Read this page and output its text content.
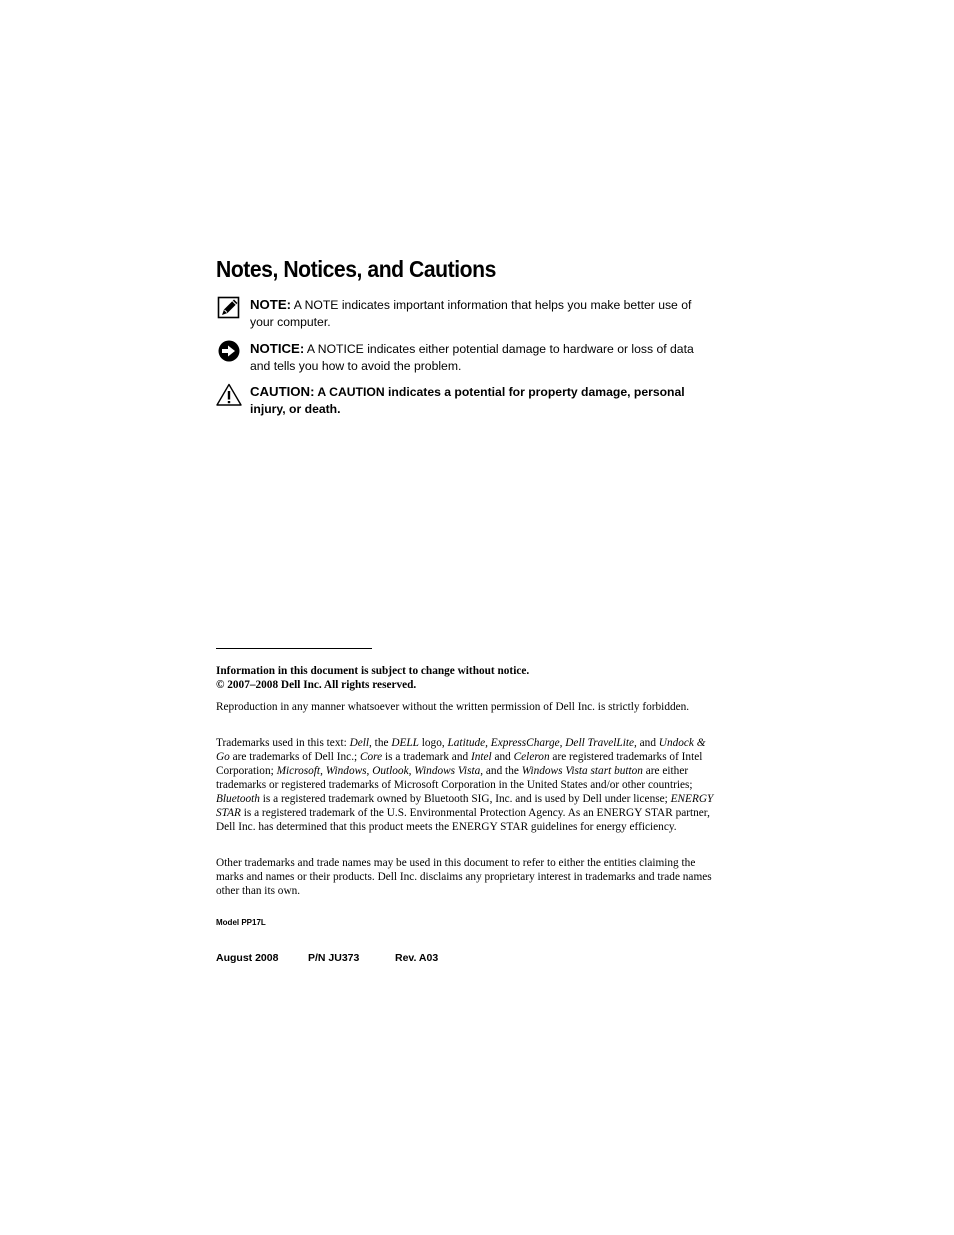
Notes, Notices, and Cautions
NOTE: A NOTE indicates important information that helps you make better use of your computer.
NOTICE: A NOTICE indicates either potential damage to hardware or loss of data and tells you how to avoid the problem.
CAUTION: A CAUTION indicates a potential for property damage, personal injury, or death.

Information in this document is subject to change without notice.

© 2007–2008 Dell Inc. All rights reserved.

Reproduction in any manner whatsoever without the written permission of Dell Inc. is strictly forbidden.

Trademarks used in this text: Dell, the DELL logo, Latitude, ExpressCharge, Dell TravelLite, and Undock & Go are trademarks of Dell Inc.; Core is a trademark and Intel and Celeron are registered trademarks of Intel Corporation; Microsoft, Windows, Outlook, Windows Vista, and the Windows Vista start button are either trademarks or registered trademarks of Microsoft Corporation in the United States and/or other countries; Bluetooth is a registered trademark owned by Bluetooth SIG, Inc. and is used by Dell under license; ENERGY STAR is a registered trademark of the U.S. Environmental Protection Agency. As an ENERGY STAR partner, Dell Inc. has determined that this product meets the ENERGY STAR guidelines for energy efficiency.

Other trademarks and trade names may be used in this document to refer to either the entities claiming the marks and names or their products. Dell Inc. disclaims any proprietary interest in trademarks and trade names other than its own.

Model PP17L
August 2008	P/N JU373	Rev. A03
